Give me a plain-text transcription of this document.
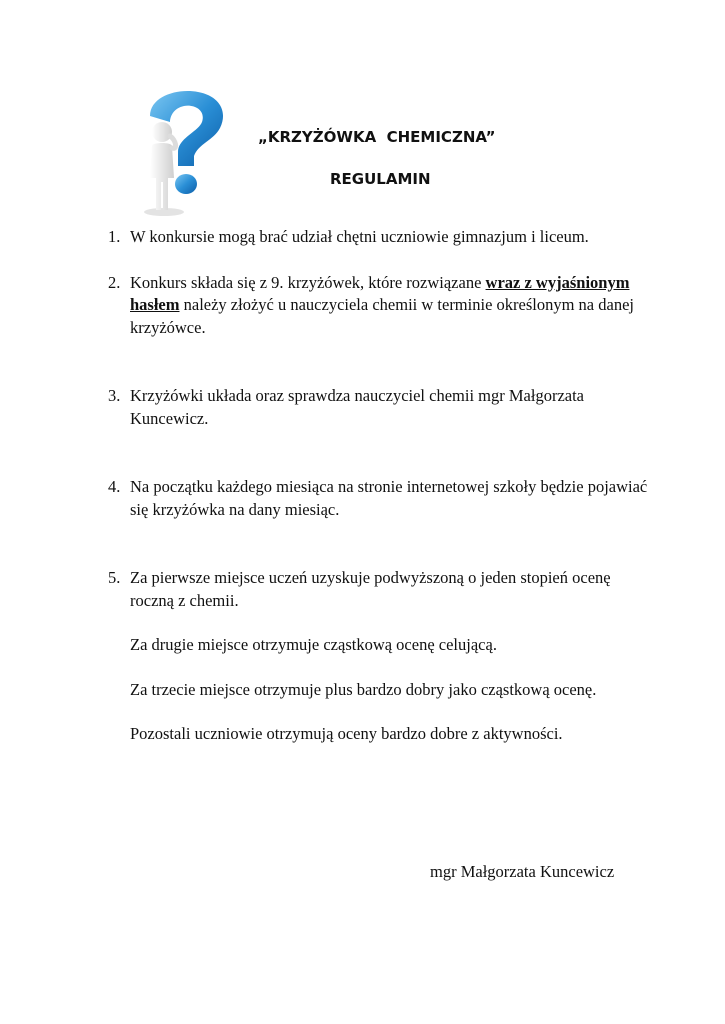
„KRZYŻÓWKA  CHEMICZNA”
REGULAMIN
1. W konkursie mogą brać udział chętni uczniowie gimnazjum i liceum.

2. Konkurs składa się z 9. krzyżówek, które rozwiązane wraz z wyjaśnionym hasłem należy złożyć u nauczyciela chemii w terminie określonym na danej krzyżówce.

3. Krzyżówki układa oraz sprawdza nauczyciel chemii mgr Małgorzata Kuncewicz.

4. Na początku każdego miesiąca na stronie internetowej szkoły będzie pojawiać się krzyżówka na dany miesiąc.

5. Za pierwsze miejsce uczeń uzyskuje podwyższoną o jeden stopień ocenę roczną z chemii.

Za drugie miejsce otrzymuje cząstkową ocenę celującą.

Za trzecie miejsce otrzymuje plus bardzo dobry jako cząstkową ocenę.

Pozostali uczniowie otrzymują oceny bardzo dobre z aktywności.

mgr Małgorzata Kuncewicz
